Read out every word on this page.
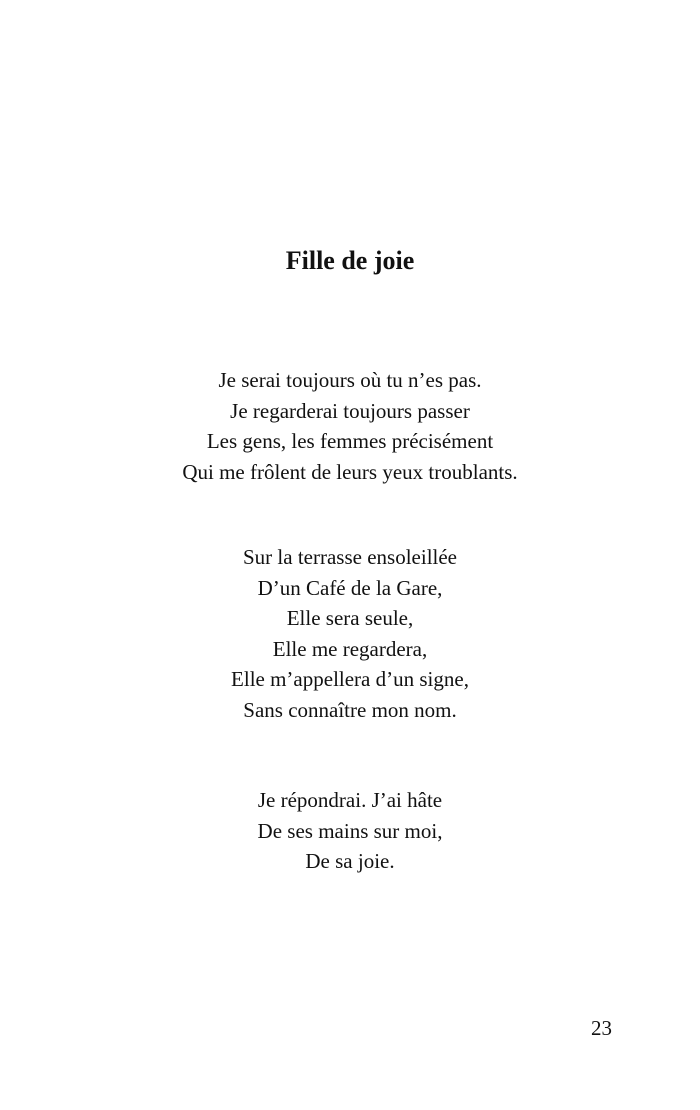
Fille de joie
Je serai toujours où tu n’es pas.
Je regarderai toujours passer
Les gens, les femmes précisément
Qui me frôlent de leurs yeux troublants.
Sur la terrasse ensoleillée
D’un Café de la Gare,
Elle sera seule,
Elle me regardera,
Elle m’appellera d’un signe,
Sans connaître mon nom.
Je répondrai. J’ai hâte
De ses mains sur moi,
De sa joie.
23
